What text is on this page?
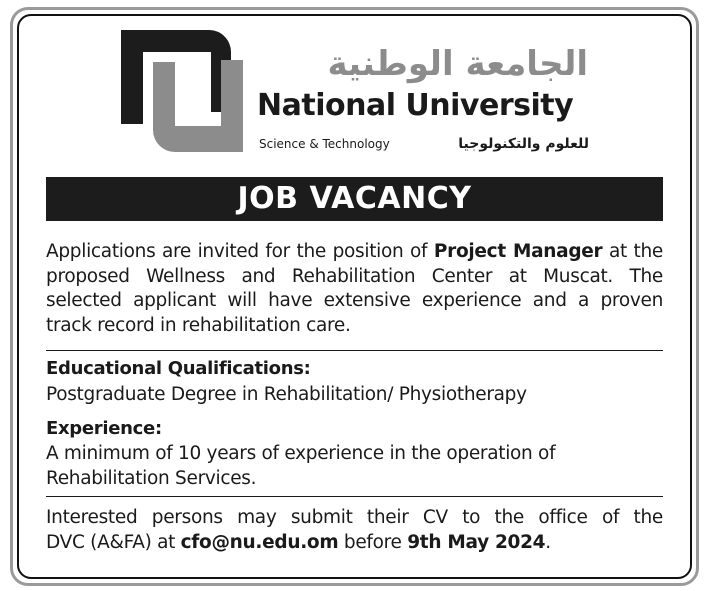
الجامعة الوطنية
National University
Science & Technology	للعلوم والتكنولوجيا
JOB VACANCY
Applications are invited for the position of Project Manager at the proposed Wellness and Rehabilitation Center at Muscat. The selected applicant will have extensive experience and a proven
track record in rehabilitation care.
Educational Qualifications:
Postgraduate Degree in Rehabilitation/ Physiotherapy
Experience:
A minimum of 10 years of experience in the operation of
Rehabilitation Services.
Interested persons may submit their CV to the office of the
DVC (A&FA) at cfo@nu.edu.om before 9th May 2024.
